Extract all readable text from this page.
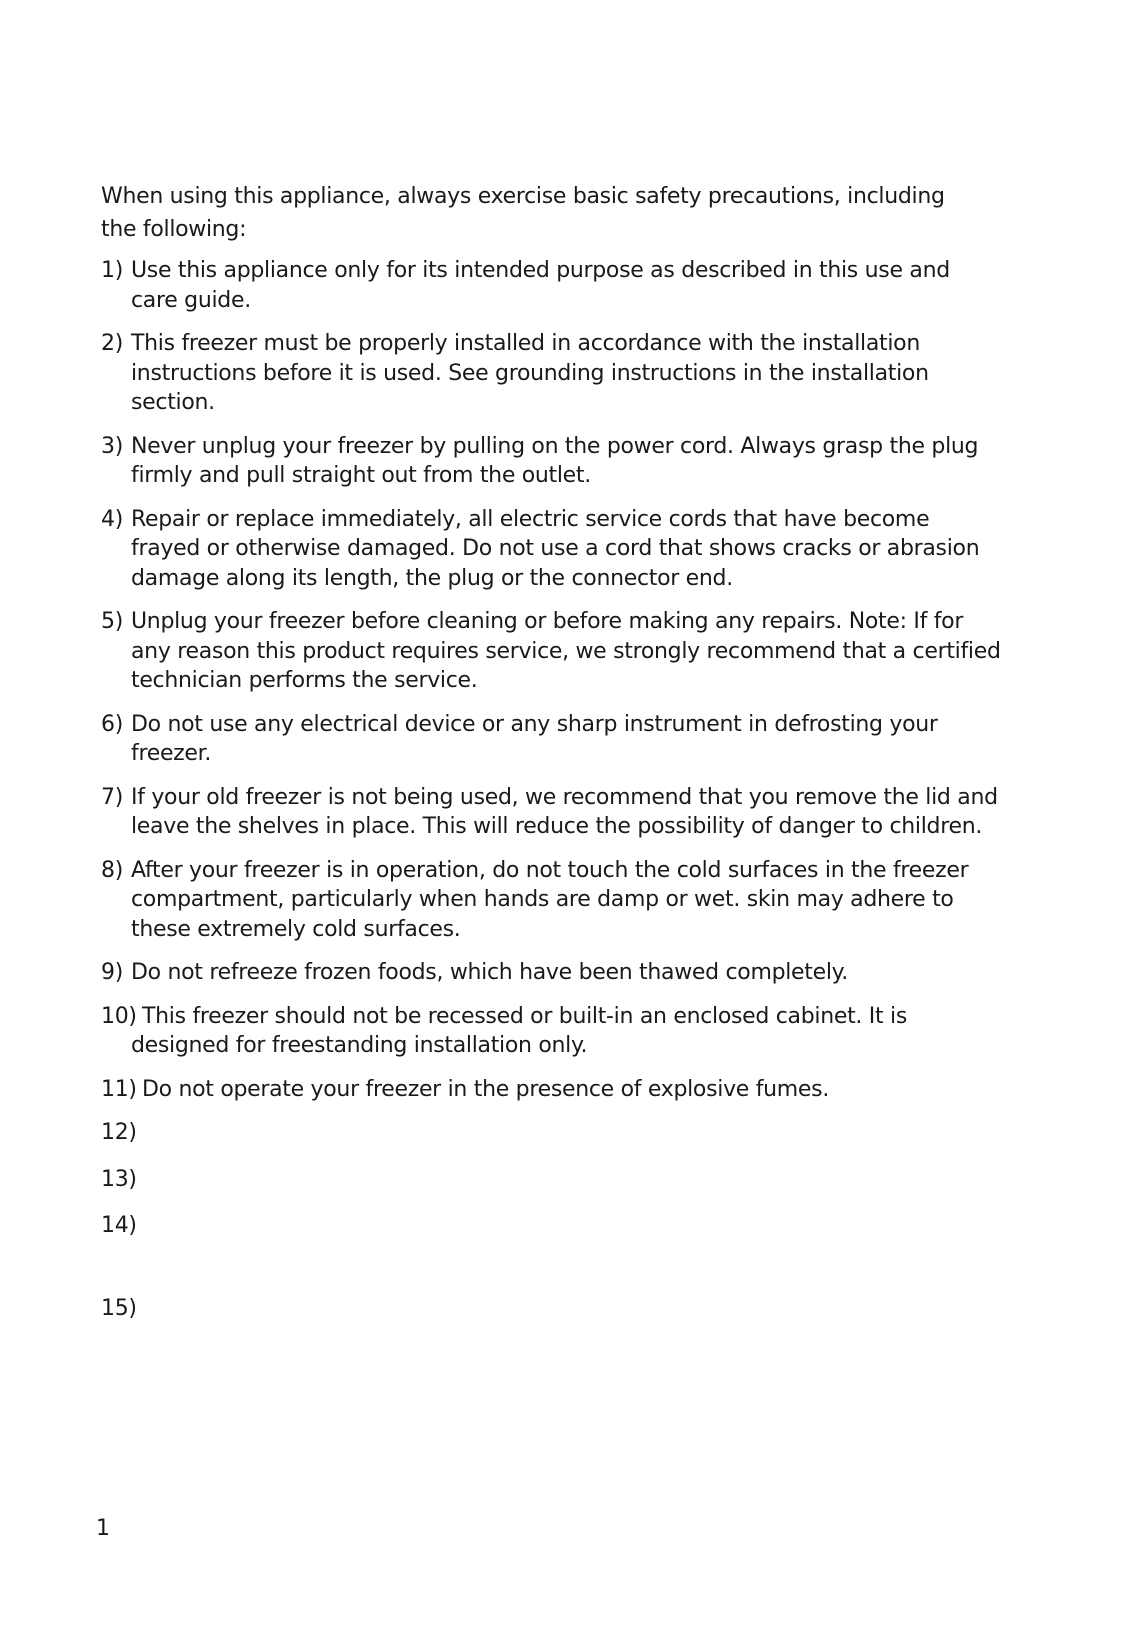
When using this appliance, always exercise basic safety precautions, including the following:

1) Use this appliance only for its intended purpose as described in this use and care guide.
2) This freezer must be properly installed in accordance with the installation instructions before it is used. See grounding instructions in the installation section.
3) Never unplug your freezer by pulling on the power cord. Always grasp the plug firmly and pull straight out from the outlet.
4) Repair or replace immediately, all electric service cords that have become frayed or otherwise damaged. Do not use a cord that shows cracks or abrasion damage along its length, the plug or the connector end.
5) Unplug your freezer before cleaning or before making any repairs. Note: If for any reason this product requires service, we strongly recommend that a certified technician performs the service.
6) Do not use any electrical device or any sharp instrument in defrosting your freezer.
7) If your old freezer is not being used, we recommend that you remove the lid and leave the shelves in place. This will reduce the possibility of danger to children.
8) After your freezer is in operation, do not touch the cold surfaces in the freezer compartment, particularly when hands are damp or wet. skin may adhere to these extremely cold surfaces.
9) Do not refreeze frozen foods, which have been thawed completely.
10) This freezer should not be recessed or built-in an enclosed cabinet. It is designed for freestanding installation only.
11) Do not operate your freezer in the presence of explosive fumes.
12)
13)
14)
15)

1
